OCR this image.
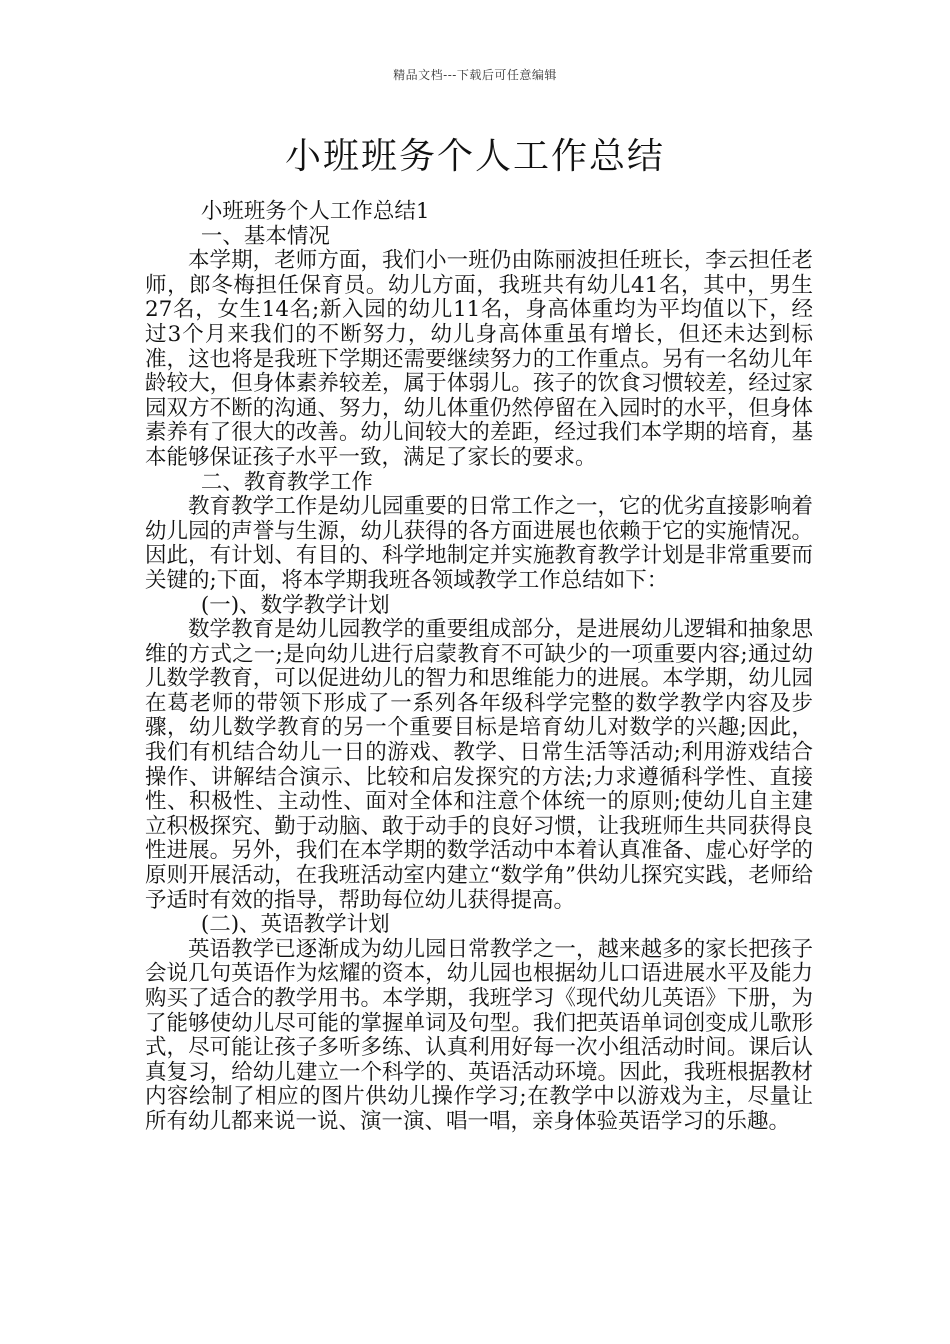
精品文档---下载后可任意编辑
小班班务个人工作总结

小班班务个人工作总结1

一、基本情况

本学期，老师方面，我们小一班仍由陈丽波担任班长，李云担任老师，郎冬梅担任保育员。幼儿方面，我班共有幼儿41名，其中，男生27名，女生14名;新入园的幼儿11名，身高体重均为平均值以下，经过3个月来我们的不断努力，幼儿身高体重虽有增长，但还未达到标准，这也将是我班下学期还需要继续努力的工作重点。另有一名幼儿年龄较大，但身体素养较差，属于体弱儿。孩子的饮食习惯较差，经过家园双方不断的沟通、努力，幼儿体重仍然停留在入园时的水平，但身体素养有了很大的改善。幼儿间较大的差距，经过我们本学期的培育，基本能够保证孩子水平一致，满足了家长的要求。

二、教育教学工作

教育教学工作是幼儿园重要的日常工作之一，它的优劣直接影响着幼儿园的声誉与生源，幼儿获得的各方面进展也依赖于它的实施情况。因此，有计划、有目的、科学地制定并实施教育教学计划是非常重要而关键的;下面，将本学期我班各领域教学工作总结如下：

(一)、数学教学计划

数学教育是幼儿园教学的重要组成部分，是进展幼儿逻辑和抽象思维的方式之一;是向幼儿进行启蒙教育不可缺少的一项重要内容;通过幼儿数学教育，可以促进幼儿的智力和思维能力的进展。本学期，幼儿园在葛老师的带领下形成了一系列各年级科学完整的数学教学内容及步骤，幼儿数学教育的另一个重要目标是培育幼儿对数学的兴趣;因此，我们有机结合幼儿一日的游戏、教学、日常生活等活动;利用游戏结合操作、讲解结合演示、比较和启发探究的方法;力求遵循科学性、直接性、积极性、主动性、面对全体和注意个体统一的原则;使幼儿自主建立积极探究、勤于动脑、敢于动手的良好习惯，让我班师生共同获得良性进展。另外，我们在本学期的数学活动中本着认真准备、虚心好学的原则开展活动，在我班活动室内建立“数学角”供幼儿探究实践，老师给予适时有效的指导，帮助每位幼儿获得提高。

(二)、英语教学计划

英语教学已逐渐成为幼儿园日常教学之一，越来越多的家长把孩子会说几句英语作为炫耀的资本，幼儿园也根据幼儿口语进展水平及能力购买了适合的教学用书。本学期，我班学习《现代幼儿英语》下册，为了能够使幼儿尽可能的掌握单词及句型。我们把英语单词创变成儿歌形式，尽可能让孩子多听多练、认真利用好每一次小组活动时间。课后认真复习，给幼儿建立一个科学的、英语活动环境。因此，我班根据教材内容绘制了相应的图片供幼儿操作学习;在教学中以游戏为主，尽量让所有幼儿都来说一说、演一演、唱一唱，亲身体验英语学习的乐趣。
